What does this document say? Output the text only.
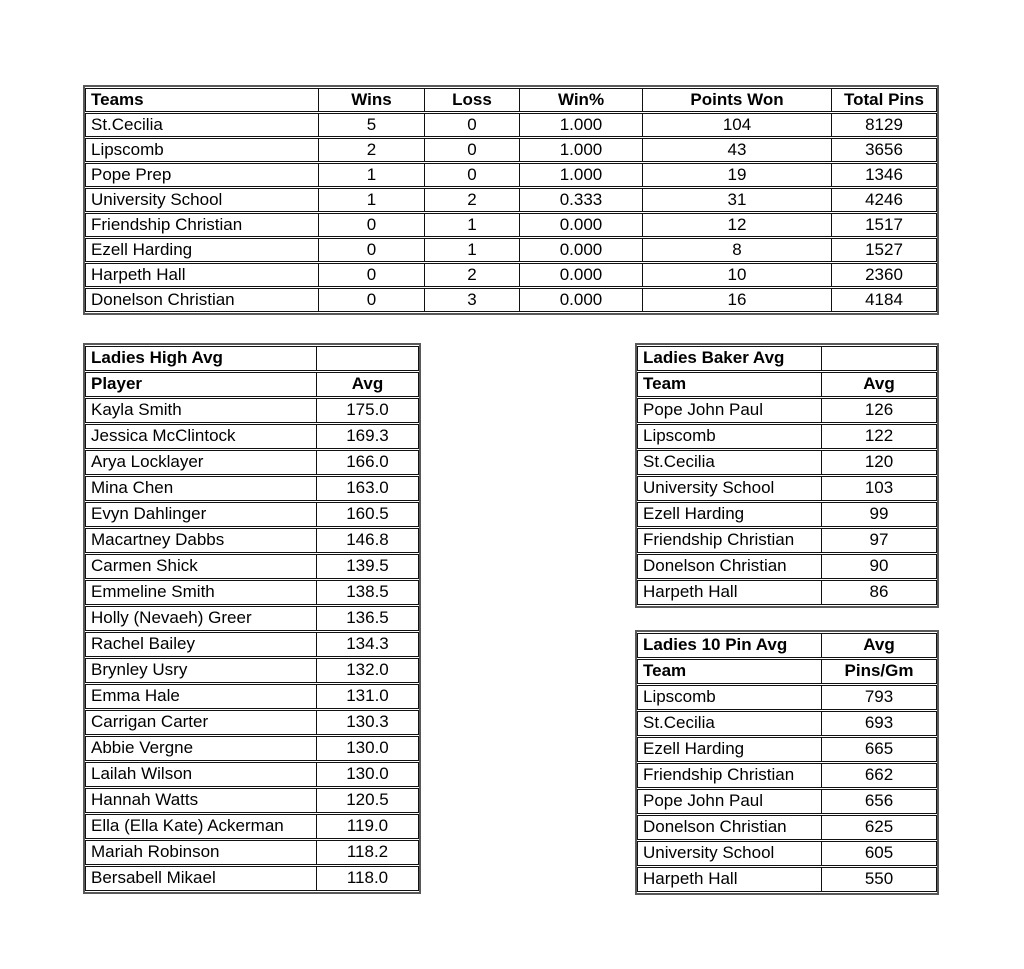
Teams	Wins	Loss	Win%	Points Won	Total Pins
St.Cecilia	5	0	1.000	104	8129
Lipscomb	2	0	1.000	43	3656
Pope Prep	1	0	1.000	19	1346
University School	1	2	0.333	31	4246
Friendship Christian	0	1	0.000	12	1517
Ezell Harding	0	1	0.000	8	1527
Harpeth Hall	0	2	0.000	10	2360
Donelson Christian	0	3	0.000	16	4184
Ladies High Avg	
Player	Avg
Kayla Smith	175.0
Jessica McClintock	169.3
Arya Locklayer	166.0
Mina Chen	163.0
Evyn Dahlinger	160.5
Macartney Dabbs	146.8
Carmen Shick	139.5
Emmeline Smith	138.5
Holly (Nevaeh) Greer	136.5
Rachel Bailey	134.3
Brynley Usry	132.0
Emma Hale	131.0
Carrigan Carter	130.3
Abbie Vergne	130.0
Lailah Wilson	130.0
Hannah Watts	120.5
Ella (Ella Kate) Ackerman	119.0
Mariah Robinson	118.2
Bersabell Mikael	118.0
Ladies Baker Avg	
Team	Avg
Pope John Paul	126
Lipscomb	122
St.Cecilia	120
University School	103
Ezell Harding	99
Friendship Christian	97
Donelson Christian	90
Harpeth Hall	86
Ladies 10 Pin Avg	Avg
Team	Pins/Gm
Lipscomb	793
St.Cecilia	693
Ezell Harding	665
Friendship Christian	662
Pope John Paul	656
Donelson Christian	625
University School	605
Harpeth Hall	550
